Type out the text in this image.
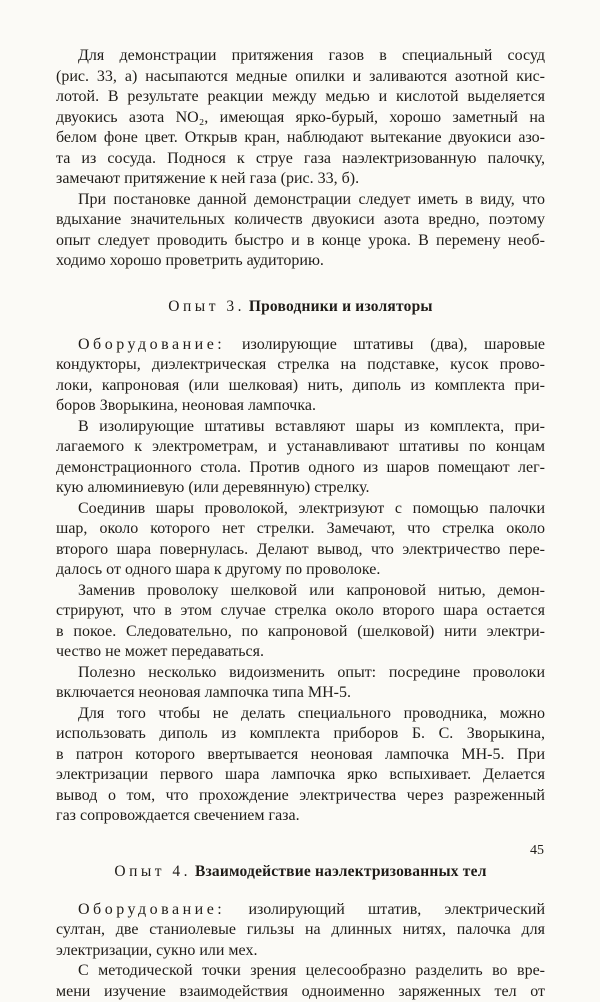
Для демонстрации притяжения газов в специальный сосуд
(рис. 33, а) насыпаются медные опилки и заливаются азотной кис-
лотой. В результате реакции между медью и кислотой выделяется
двуокись азота NO₂, имеющая ярко-бурый, хорошо заметный на
белом фоне цвет. Открыв кран, наблюдают вытекание двуокиси азо-
та из сосуда. Поднося к струе газа наэлектризованную палочку,
замечают притяжение к ней газа (рис. 33, б).
При постановке данной демонстрации следует иметь в виду, что
вдыхание значительных количеств двуокиси азота вредно, поэтому
опыт следует проводить быстро и в конце урока. В перемену необ-
ходимо хорошо проветрить аудиторию.
Опыт 3. Проводники и изоляторы
Оборудование: изолирующие штативы (два), шаровые
кондукторы, диэлектрическая стрелка на подставке, кусок прово-
локи, капроновая (или шелковая) нить, диполь из комплекта при-
боров Зворыкина, неоновая лампочка.
В изолирующие штативы вставляют шары из комплекта, при-
лагаемого к электрометрам, и устанавливают штативы по концам
демонстрационного стола. Против одного из шаров помещают лег-
кую алюминиевую (или деревянную) стрелку.
Соединив шары проволокой, электризуют с помощью палочки
шар, около которого нет стрелки. Замечают, что стрелка около
второго шара повернулась. Делают вывод, что электричество пере-
далось от одного шара к другому по проволоке.
Заменив проволоку шелковой или капроновой нитью, демон-
стрируют, что в этом случае стрелка около второго шара остается
в покое. Следовательно, по капроновой (шелковой) нити электри-
чество не может передаваться.
Полезно несколько видоизменить опыт: посредине проволоки
включается неоновая лампочка типа МН-5.
Для того чтобы не делать специального проводника, можно
использовать диполь из комплекта приборов Б. С. Зворыкина,
в патрон которого ввертывается неоновая лампочка МН-5. При
электризации первого шара лампочка ярко вспыхивает. Делается
вывод о том, что прохождение электричества через разреженный
газ сопровождается свечением газа.
Опыт 4. Взаимодействие наэлектризованных тел
Оборудование: изолирующий штатив, электрический
султан, две станиолевые гильзы на длинных нитях, палочка для
электризации, сукно или мех.
С методической точки зрения целесообразно разделить во вре-
мени изучение взаимодействия одноименно заряженных тел от
45
